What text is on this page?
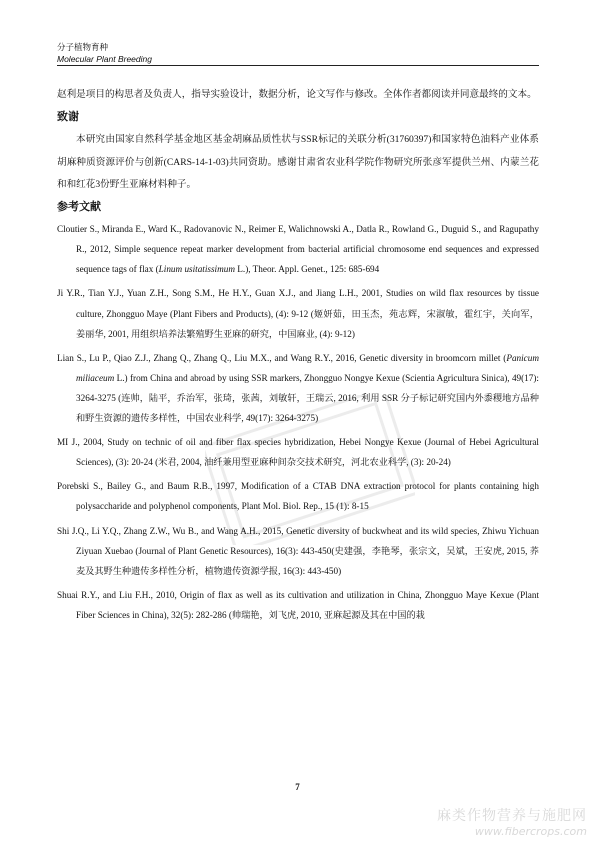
分子植物育种
Molecular Plant Breeding

赵利是项目的构思者及负责人，指导实验设计，数据分析，论文写作与修改。全体作者都阅读并同意最终的文本。

致谢

本研究由国家自然科学基金地区基金胡麻品质性状与SSR标记的关联分析(31760397)和国家特色油料产业体系胡麻种质资源评价与创新(CARS-14-1-03)共同资助。感谢甘肃省农业科学院作物研究所张彦军提供兰州、内蒙兰花和和红花3份野生亚麻材料种子。

参考文献

Cloutier S., Miranda E., Ward K., Radovanovic N., Reimer E, Walichnowski A., Datla R., Rowland G., Duguid S., and Ragupathy R., 2012, Simple sequence repeat marker development from bacterial artificial chromosome end sequences and expressed sequence tags of flax (Linum usitatissimum L.), Theor. Appl. Genet., 125: 685-694

Ji Y.R., Tian Y.J., Yuan Z.H., Song S.M., He H.Y., Guan X.J., and Jiang L.H., 2001, Studies on wild flax resources by tissue culture, Zhongguo Maye (Plant Fibers and Products), (4): 9-12 (姬妍茹，田玉杰，苑志辉，宋淑敏，霍红宇，关向军，姜丽华, 2001, 用组织培养法繁殖野生亚麻的研究，中国麻业, (4): 9-12)

Lian S., Lu P., Qiao Z.J., Zhang Q., Zhang Q., Liu M.X., and Wang R.Y., 2016, Genetic diversity in broomcorn millet (Panicum miliaceum L.) from China and abroad by using SSR markers, Zhongguo Nongye Kexue (Scientia Agricultura Sinica), 49(17): 3264-3275 (连帅，陆平，乔治军，张琦，张茜，刘敏轩，王瑞云, 2016, 利用 SSR 分子标记研究国内外黍稷地方品种和野生资源的遗传多样性，中国农业科学, 49(17): 3264-3275)

MI J., 2004, Study on technic of oil and fiber flax species hybridization, Hebei Nongye Kexue (Journal of Hebei Agricultural Sciences), (3): 20-24 (米君, 2004, 油纤兼用型亚麻种间杂交技术研究，河北农业科学, (3): 20-24)

Porebski S., Bailey G., and Baum R.B., 1997, Modification of a CTAB DNA extraction protocol for plants containing high polysaccharide and polyphenol components, Plant Mol. Biol. Rep., 15 (1): 8-15

Shi J.Q., Li Y.Q., Zhang Z.W., Wu B., and Wang A.H., 2015, Genetic diversity of buckwheat and its wild species, Zhiwu Yichuan Ziyuan Xuebao (Journal of Plant Genetic Resources), 16(3): 443-450(史建强，李艳琴，张宗文，吴斌，王安虎, 2015, 荞麦及其野生种遗传多样性分析，植物遗传资源学报, 16(3): 443-450)

Shuai R.Y., and Liu F.H., 2010, Origin of flax as well as its cultivation and utilization in China, Zhongguo Maye Kexue (Plant Fiber Sciences in China), 32(5): 282-286 (帅瑞艳，刘飞虎, 2010, 亚麻起源及其在中国的栽

7
麻类作物营养与施肥网
www.fibercrops.com
